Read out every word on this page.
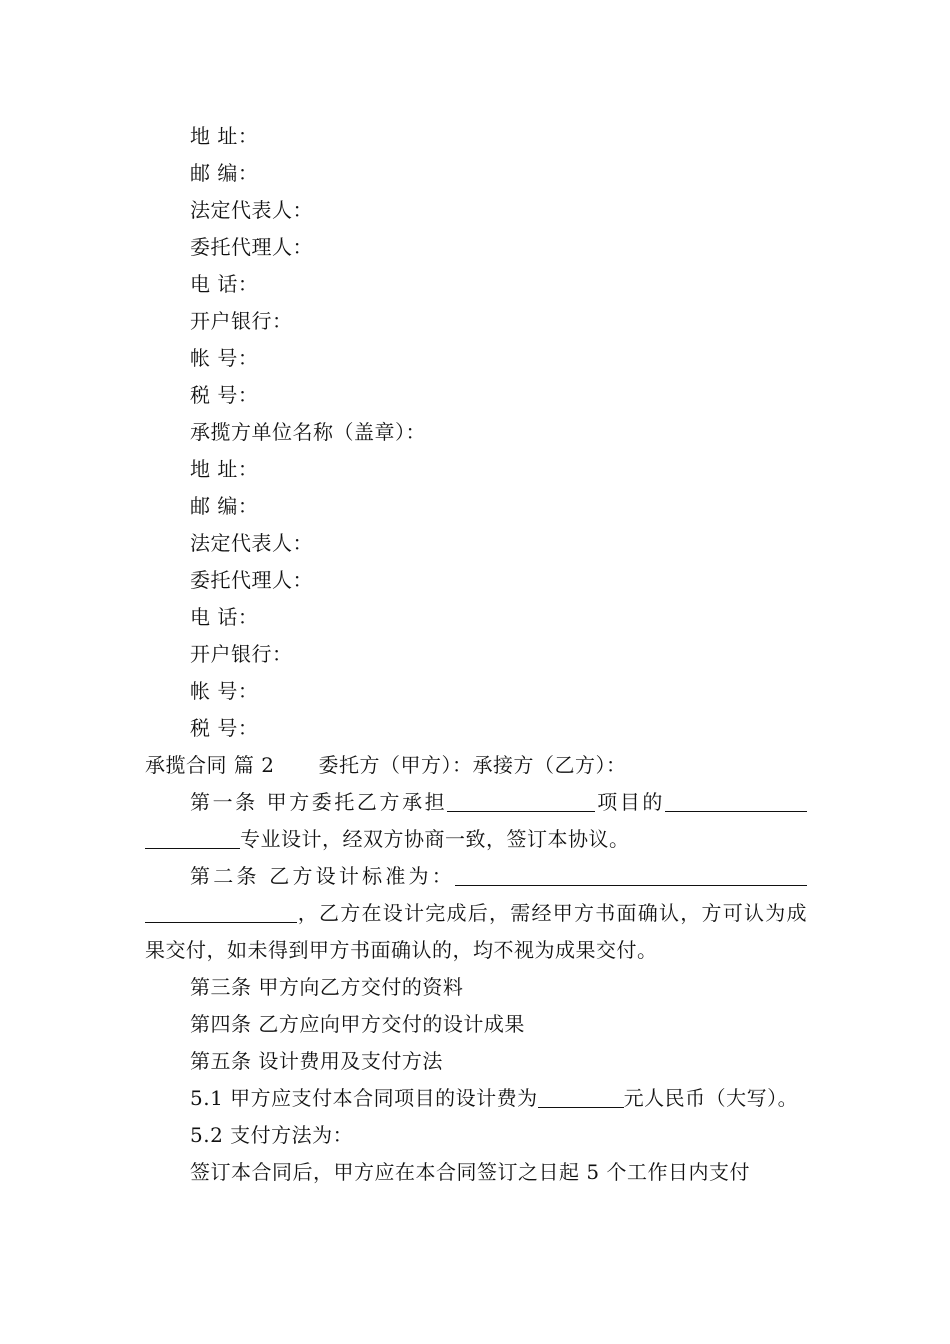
地 址：
邮 编：
法定代表人：
委托代理人：
电 话：
开户银行：
帐 号：
税 号：
承揽方单位名称（盖章）：
地 址：
邮 编：
法定代表人：
委托代理人：
电 话：
开户银行：
帐 号：
税 号：
承揽合同 篇 2 委托方（甲方）：承接方（乙方）：
第一条 甲方委托乙方承担	项目的专业设计，经双方协商一致，签订本协议。
第二条 乙方设计标准为：，乙方在设计完成后，需经甲方书面确认，方可认为成果交付，如未得到甲方书面确认的，均不视为成果交付。
第三条 甲方向乙方交付的资料
第四条 乙方应向甲方交付的设计成果
第五条 设计费用及支付方法
5.1 甲方应支付本合同项目的设计费为	元人民币（大写）。
5.2 支付方法为：
签订本合同后，甲方应在本合同签订之日起 5 个工作日内支付
